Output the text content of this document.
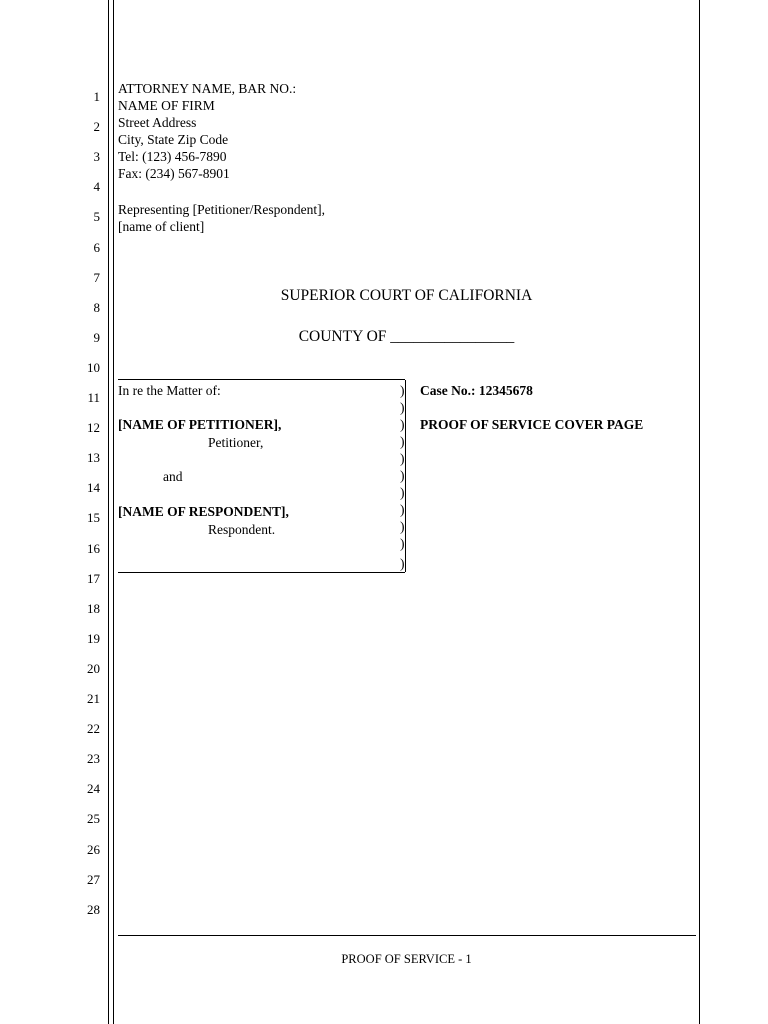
1
2
3
4
5
6
7
8
9
10
11
12
13
14
15
16
17
18
19
20
21
22
23
24
25
26
27
28
ATTORNEY NAME, BAR NO.:
NAME OF FIRM
Street Address
City, State Zip Code
Tel: (123) 456-7890
Fax: (234) 567-8901
Representing [Petitioner/Respondent],
[name of client]
SUPERIOR COURT OF CALIFORNIA
COUNTY OF ________________
In re the Matter of:
[NAME OF PETITIONER],
Petitioner,
and
[NAME OF RESPONDENT],
Respondent.
)
)
)
)
)
)
)
)
)
)
)
Case No.: 12345678
PROOF OF SERVICE COVER PAGE
PROOF OF SERVICE - 1
